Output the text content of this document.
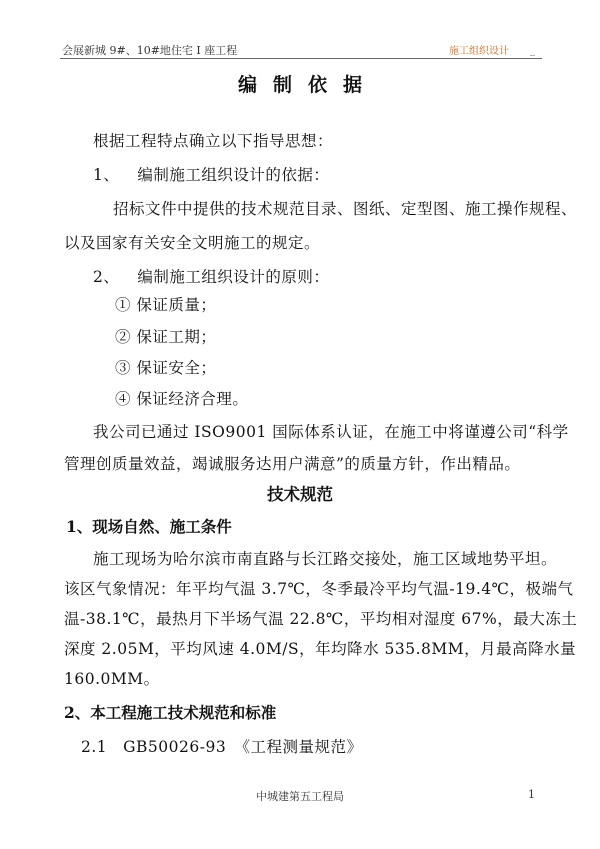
会展新城 9#、10#地住宅 I 座工程	施工组织设计 _
编制依据
根据工程特点确立以下指导思想：
1、 编制施工组织设计的依据：
招标文件中提供的技术规范目录、图纸、定型图、施工操作规程、
以及国家有关安全文明施工的规定。
2、 编制施工组织设计的原则：
① 保证质量；
② 保证工期；
③ 保证安全；
④ 保证经济合理。
我公司已通过 ISO9001 国际体系认证，在施工中将谨遵公司“科学
管理创质量效益，竭诚服务达用户满意”的质量方针，作出精品。
技术规范
1、现场自然、施工条件
施工现场为哈尔滨市南直路与长江路交接处，施工区域地势平坦。
该区气象情况：年平均气温 3.7℃，冬季最冷平均气温-19.4℃，极端气
温-38.1℃，最热月下半场气温 22.8℃，平均相对湿度 67%，最大冻土
深度 2.05M，平均风速 4.0M/S，年均降水 535.8MM，月最高降水量
160.0MM。
2、本工程施工技术规范和标准
2.1　GB50026-93　《工程测量规范》
中城建第五工程局	1
